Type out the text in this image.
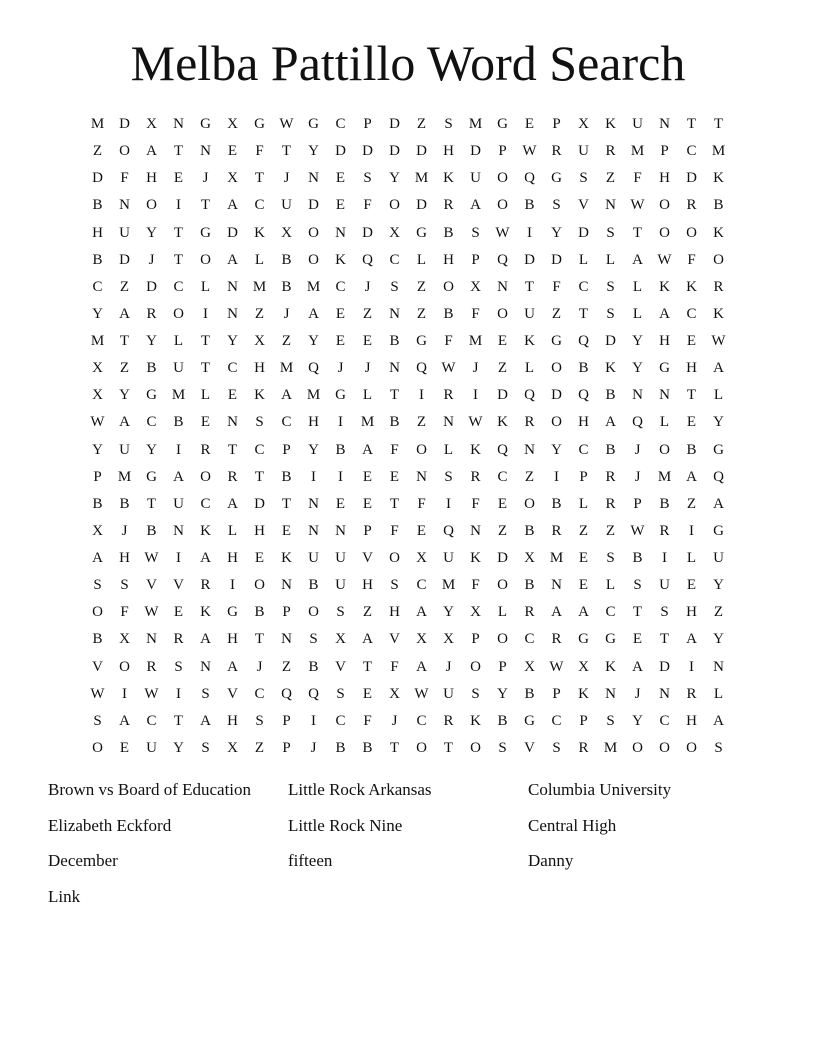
Melba Pattillo Word Search
M D	X	N	G	X	G W G	C	P	D	Z	S	M G	E	P	X	K	U	N	T	T
Z	O	A	T	N	E	F	T	Y	D	D	D	D	H	D	P	W R	U	R	M	P	C	M
D	F	H	E	J	X	T	J	N	E	S	Y M K	U	O	Q	G	S	Z	F	H	D	K
B	N	O	I	T	A	C	U	D	E	F	O	D	R	A	O	B	S	V	N W O	R	B
H	U	Y	T	G	D	K	X	O	N	D	X	G	B	S	W	I	Y	D	S	T	O	O	K
B	D	J	T	O	A	L	B	O	K	Q	C	L	H	P	Q	D	D	L	L	A W	F	O
C	Z	D	C	L	N M	B	M	C	J	S	Z	O	X	N	T	F	C	S	L	K	K	R
Y	A	R	O	I	N	Z	J	A	E	Z	N	Z	B	F	O	U	Z	T	S	L	A	C	K
M	T	Y	L	T	Y	X	Z	Y	E	E	B	G	F	M	E	K	G	Q	D	Y	H	E	W
X	Z	B	U	T	C	H M Q	J	J	N	Q W	J	Z	L	O	B	K	Y	G	H	A
X	Y	G M	L	E	K	A M G	L	T	I	R	I	D	Q	D	Q	B	N	N	T	L
W A	C	B	E	N	S	C	H	I	M	B	Z	N W K	R	O	H	A	Q	L	E	Y
Y	U	Y	I	R	T	C	P	Y	B	A	F	O	L	K	Q	N	Y	C	B	J	O	B	G
P	M G	A	O	R	T	B	I	I	E	E	N	S	R	C	Z	I	P	R	J	M A	Q
B	B	T	U	C	A	D	T	N	E	E	T	F	I	F	E	O	B	L	R	P	B	Z	A
X	J	B	N	K	L	H	E	N	N	P	F	E	Q	N	Z	B	R	Z	Z	W R	I	G
A	H W	I	A	H	E	K	U	U	V	O	X	U	K	D	X M	E	S	B	I	L	U
S	S	V	V	R	I	O	N	B	U	H	S	C	M	F	O	B	N	E	L	S	U	E	Y
O	F	W	E	K	G	B	P	O	S	Z	H	A	Y	X	L	R	A	A	C	T	S	H	Z
B	X	N	R	A	H	T	N	S	X	A	V	X	X	P	O	C	R	G	G	E	T	A	Y
V	O	R	S	N	A	J	Z	B	V	T	F	A	J	O	P	X W X	K	A	D	I	N
W	I	W	I	S	V	C	Q	Q	S	E	X W U	S	Y	B	P	K	N	J	N	R	L
S	A	C	T	A	H	S	P	I	C	F	J	C	R	K	B	G	C	P	S	Y	C	H	A
O	E	U	Y	S	X	Z	P	J	B	B	T	O	T	O	S	V	S	R	M O	O	O	S
Brown vs Board of Education	Little Rock Arkansas	Columbia University
Elizabeth Eckford	Little Rock Nine	Central High
December	fifteen	Danny
Link
